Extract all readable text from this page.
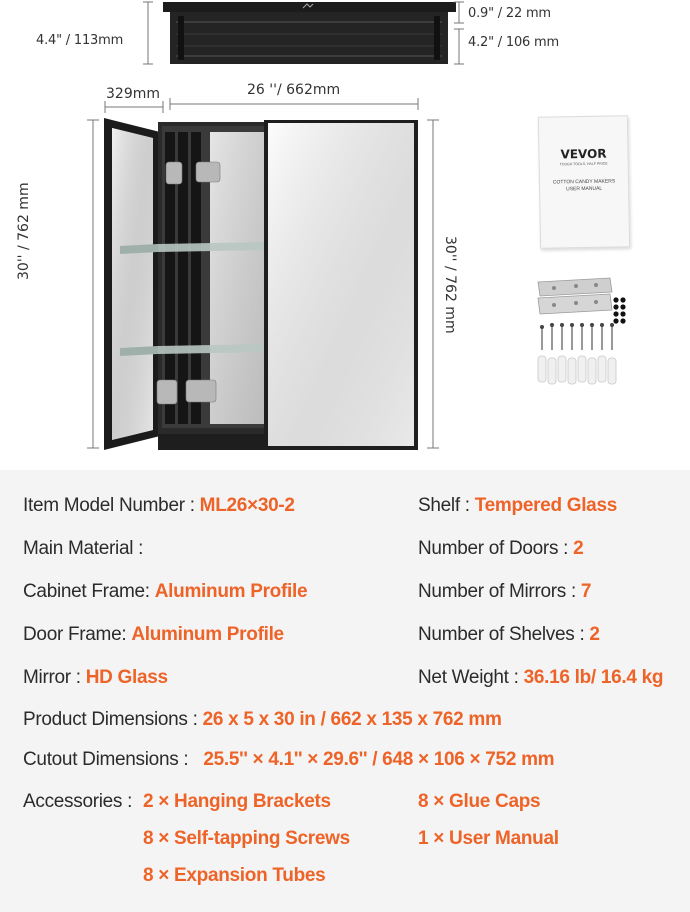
4.4" / 113mm
0.9" / 22 mm
4.2" / 106 mm
329mm	26 ''/ 662mm
30'' / 762 mm
30'' / 762 mm
VEVOR
TOUGH TOOLS, HALF PRICE
COTTON CANDY MAKERS
USER MANUAL
Item Model Number : ML26×30-2
Main Material :
Cabinet Frame: Aluminum Profile
Door Frame: Aluminum Profile
Mirror : HD Glass
Shelf : Tempered Glass
Number of Doors : 2
Number of Mirrors : 7
Number of Shelves : 2
Net Weight : 36.16 lb/ 16.4 kg
Product Dimensions : 26 x 5 x 30 in / 662 x 135 x 762 mm
Cutout Dimensions : 25.5'' × 4.1'' × 29.6'' / 648 × 106 × 752 mm
Accessories : 2 × Hanging Brackets	8 × Glue Caps
8 × Self-tapping Screws	1 × User Manual
8 × Expansion Tubes
